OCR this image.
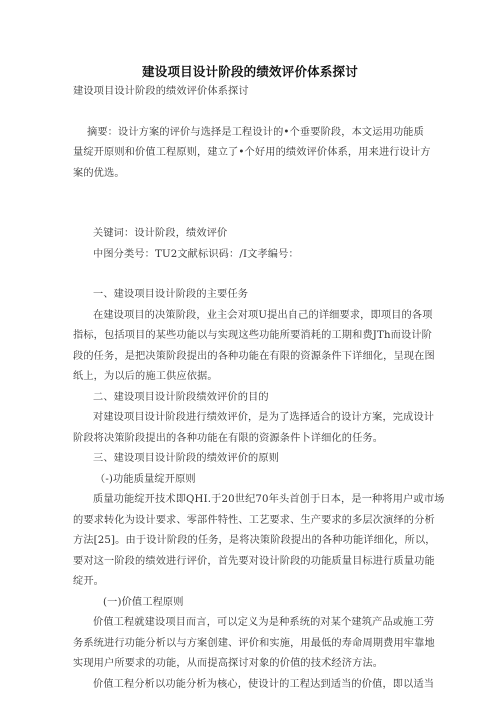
建设项目设计阶段的绩效评价体系探讨
建设项目设计阶段的绩效评价体系探讨
摘要：设计方案的评价与选择是工程设计的•个垂要阶段，本文运用功能质
量绽开原则和价值工程原则，建立了•个好用的绩效评价体系，用来进行设计方
案的优选。
关键词：设计阶段，绩效评价
中图分类号：TU2文献标识码：/I文孝编号：
一、建设项目设计阶段的主要任务
在建设项目的决策阶段，业主会对项U提出自己的详细要求，即项目的各项
指标，包括项目的某些功能以与实现这些功能所要消耗的工期和费JTh而设计阶
段的任务，是把决策阶段提出的各种功能在有限的资源条件下详细化，呈现在图
纸上，为以后的施工供应依据。
二、建设项目设计阶段绩效评价的目的
对建设项目设计阶段进行绩效评价，是为了选择适合的设计方案，完成设计
阶段将决策阶段提出的各种功能在有限的资源条件卜详细化的任务。
三、建设项目设计阶段的绩效评价的原则
（-)功能质量绽开原则
质量功能绽开技术即QHI.于20世纪70年头首创于日本，是一种将用户或市场
的要求转化为设计要求、零部件特性、工艺要求、生产要求的多层次演绎的分析
方法[25]。由于设计阶段的任务，是将决策阶段提出的各种功能详细化，所以，
要对这一阶段的绩效进行评价，首先要对设计阶段的功能质量目标进行质量功能
绽开。
(一)价值工程原则
价值工程就建设项目而言，可以定义为是种系统的对某个建筑产品或施工劳
务系统进行功能分析以与方案创建、评价和实施，用最低的寿命周期费用牢靠地
实现用户所要求的功能，从而提高探讨对象的价值的技术经济方法。
价值工程分析以功能分析为核心，使设计的工程达到适当的价值，即以适当
